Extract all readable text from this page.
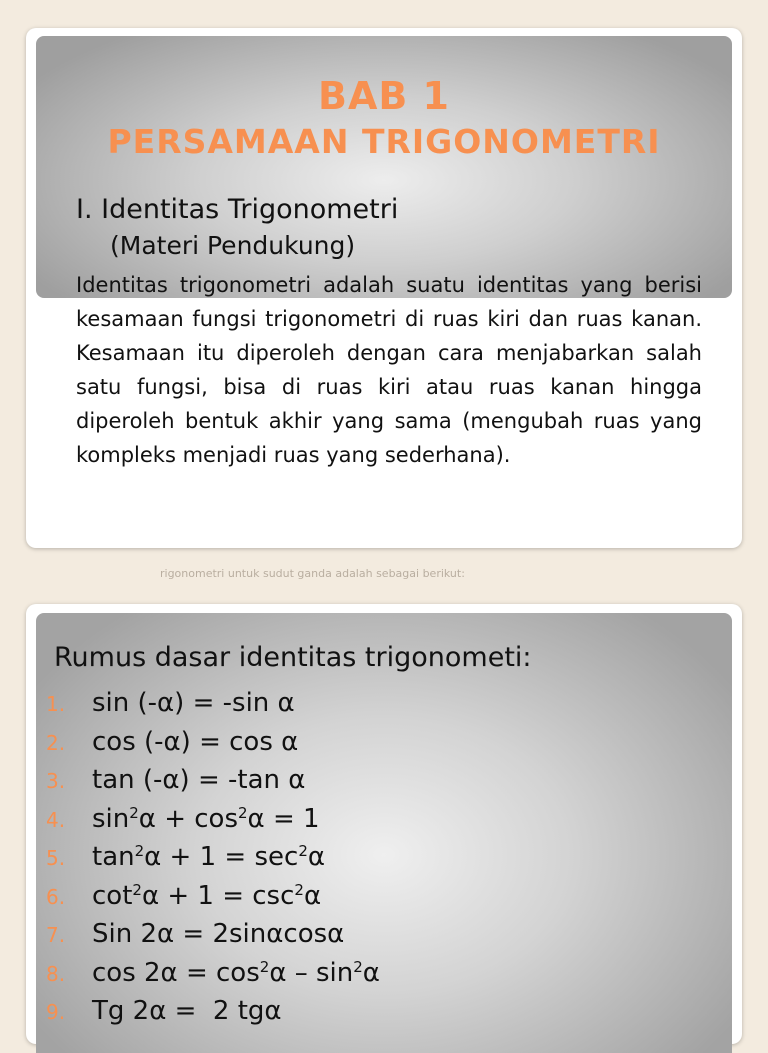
BAB 1
PERSAMAAN TRIGONOMETRI
I. Identitas Trigonometri

(Materi Pendukung)

Identitas trigonometri adalah suatu identitas yang berisi kesamaan fungsi trigonometri di ruas kiri dan ruas kanan. Kesamaan itu diperoleh dengan cara menjabarkan salah satu fungsi, bisa di ruas kiri atau ruas kanan hingga diperoleh bentuk akhir yang sama (mengubah ruas yang kompleks menjadi ruas yang sederhana).

rigonometri untuk sudut ganda adalah sebagai berikut:

Rumus dasar identitas trigonometi:
1.	sin (-α) = -sin α
2.	cos (-α) = cos α
3.	tan (-α) = -tan α
4.	$\sin^2\alpha + \cos^2\alpha = 1$
5.	$\tan^2\alpha + 1 = \sec^2\alpha$
6.	$\cot^2\alpha + 1 = \csc^2\alpha$
7.	Sin 2α = 2sinαcosα
8.	$\cos 2\alpha = \cos^2\alpha - \sin^2\alpha$
9.	Tg 2α =  2 tgα
